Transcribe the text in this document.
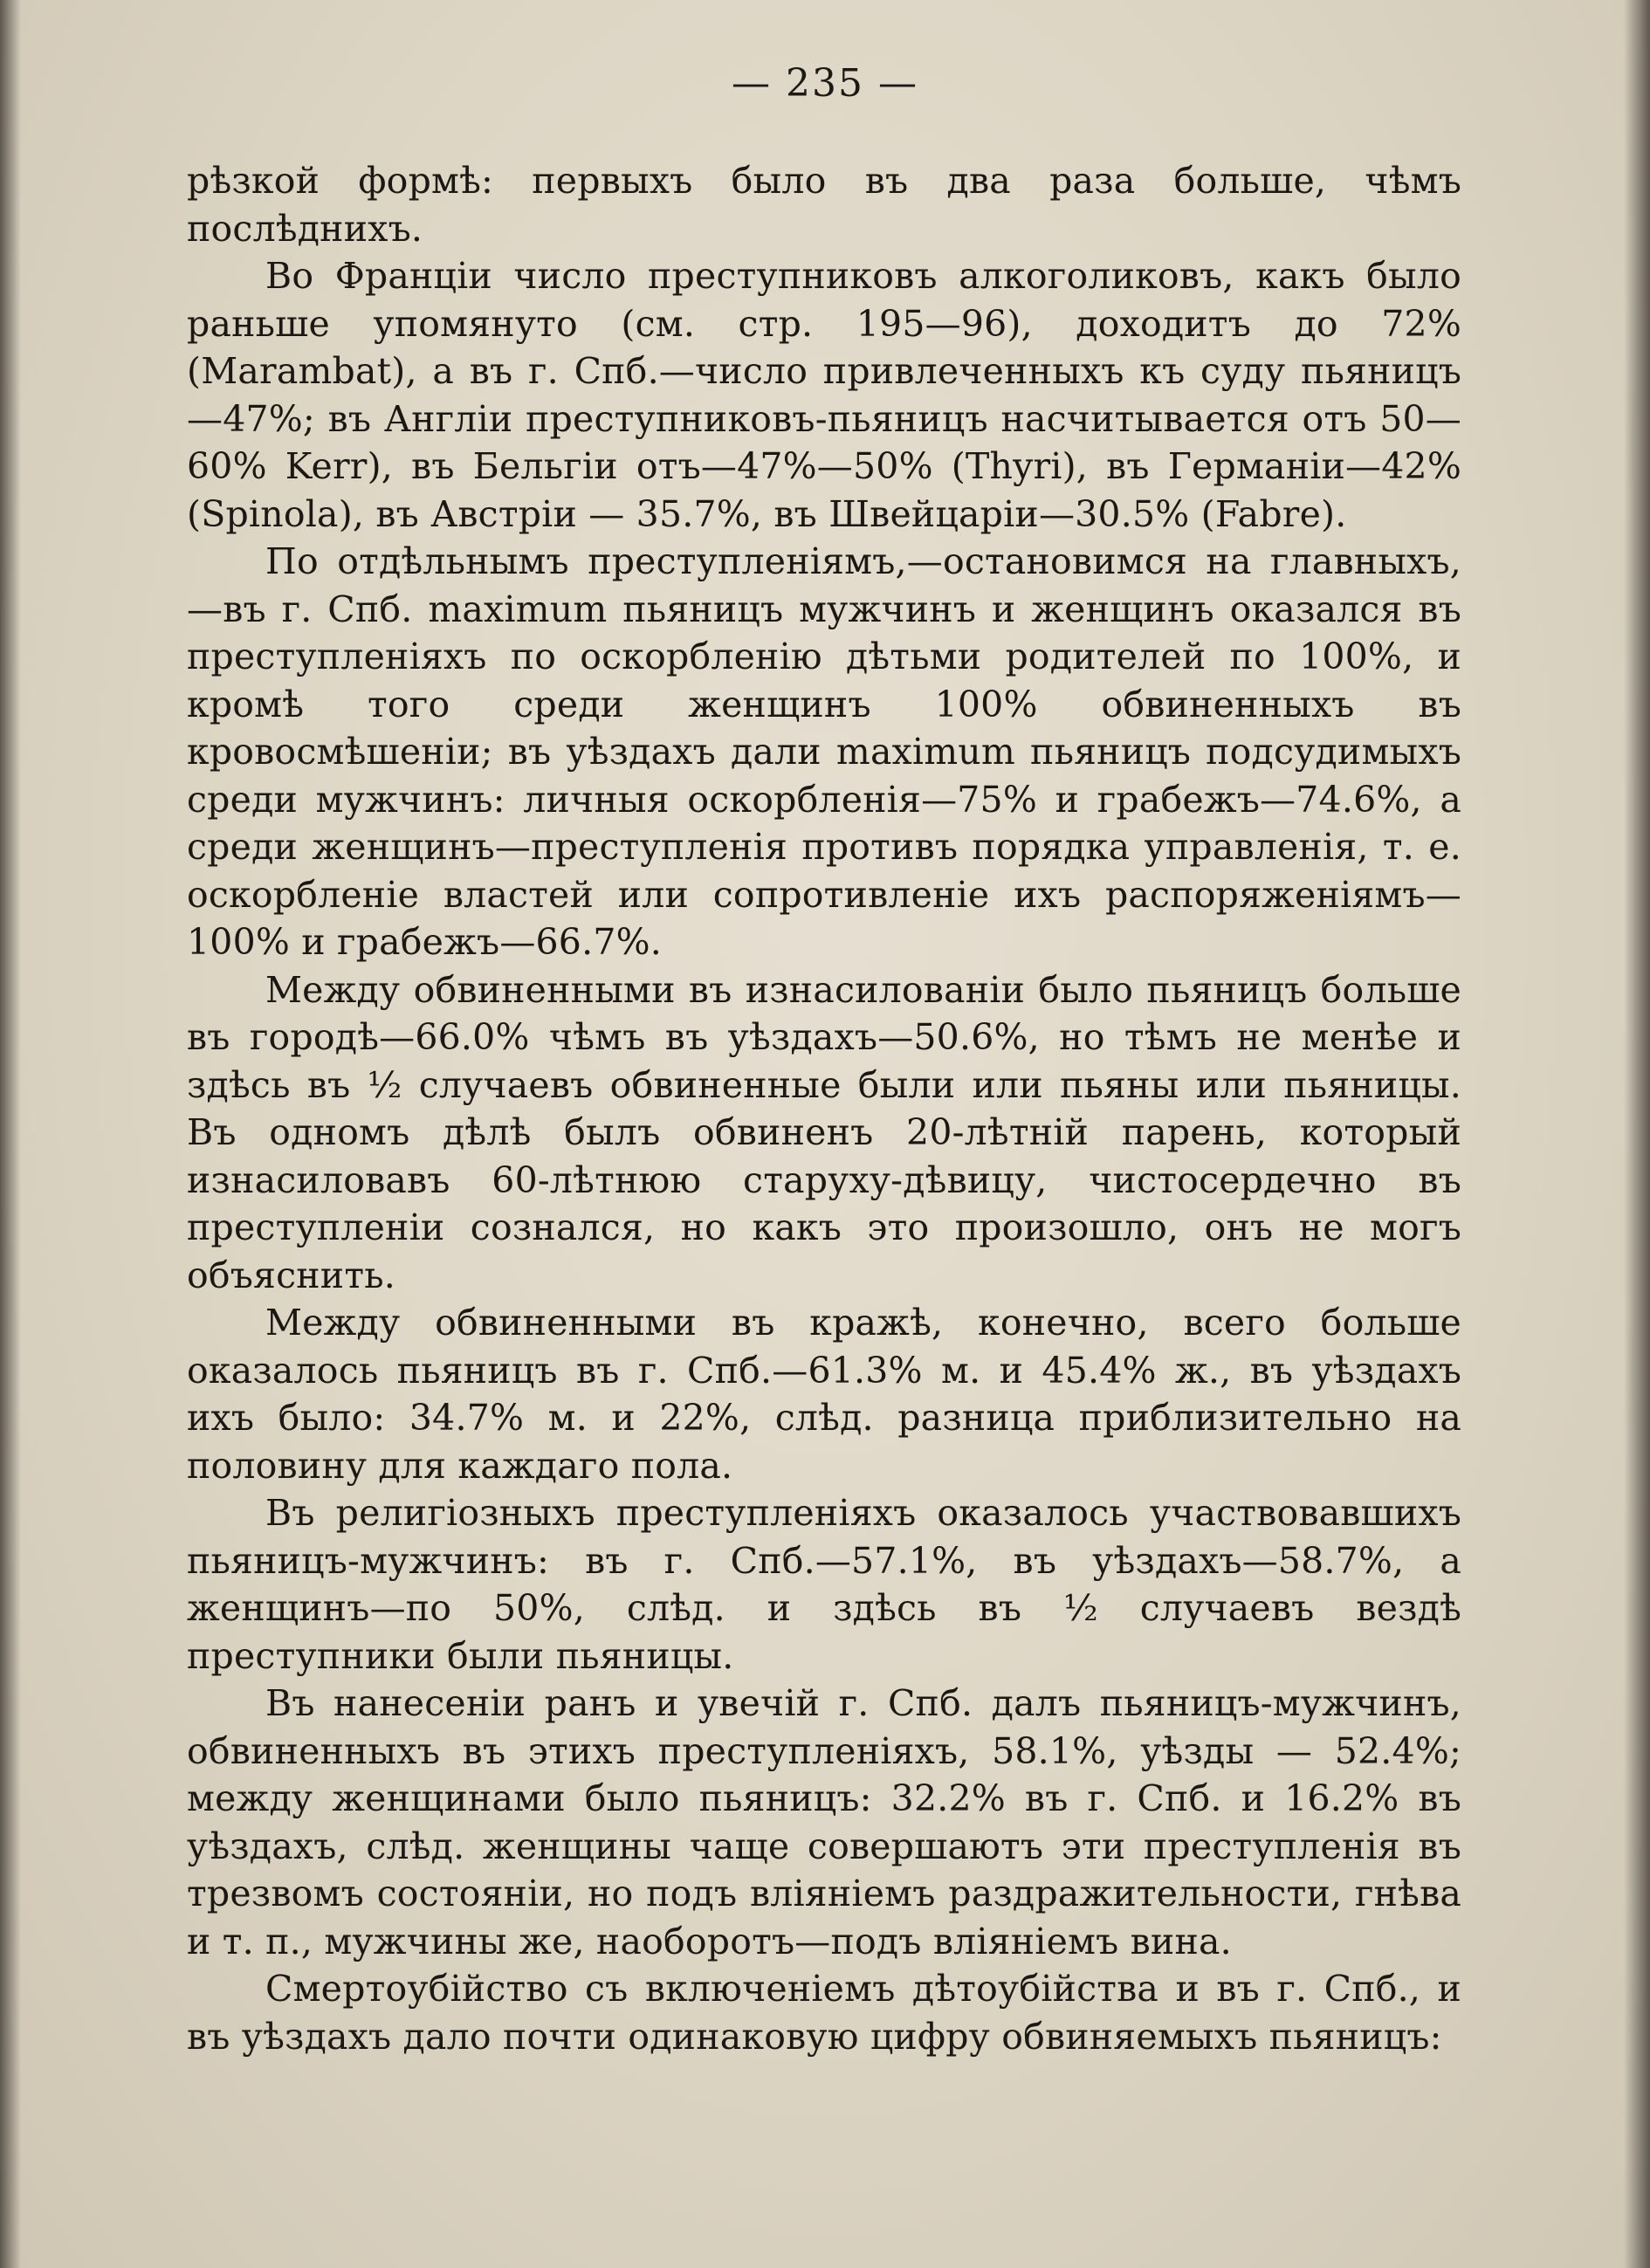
— 235 —

рѣзкой формѣ: первыхъ было въ два раза больше, чѣмъ послѣднихъ.

Во Франціи число преступниковъ алкоголиковъ, какъ было раньше упомянуто (см. стр. 195—96), доходитъ до 72% (Marambat), а въ г. Спб.—число привлеченныхъ къ суду пьяницъ—47%; въ Англіи преступниковъ-пьяницъ насчитывается отъ 50—60% Kerr), въ Бельгіи отъ—47%—50% (Thyri), въ Германіи—42% (Spinola), въ Австріи — 35.7%, въ Швейцаріи—30.5% (Fabre).

По отдѣльнымъ преступленіямъ,—остановимся на главныхъ,—въ г. Спб. maximum пьяницъ мужчинъ и женщинъ оказался въ преступленіяхъ по оскорбленію дѣтьми родителей по 100%, и кромѣ того среди женщинъ 100% обвиненныхъ въ кровосмѣшеніи; въ уѣздахъ дали maximum пьяницъ подсудимыхъ среди мужчинъ: личныя оскорбленія—75% и грабежъ—74.6%, а среди женщинъ—преступленія противъ порядка управленія, т. е. оскорбленіе властей или сопротивленіе ихъ распоряженіямъ—100% и грабежъ—66.7%.

Между обвиненными въ изнасилованіи было пьяницъ больше въ городѣ—66.0% чѣмъ въ уѣздахъ—50.6%, но тѣмъ не менѣе и здѣсь въ ½ случаевъ обвиненные были или пьяны или пьяницы. Въ одномъ дѣлѣ былъ обвиненъ 20-лѣтній парень, который изнасиловавъ 60-лѣтнюю старуху-дѣвицу, чистосердечно въ преступленіи сознался, но какъ это произошло, онъ не могъ объяснить.

Между обвиненными въ кражѣ, конечно, всего больше оказалось пьяницъ въ г. Спб.—61.3% м. и 45.4% ж., въ уѣздахъ ихъ было: 34.7% м. и 22%, слѣд. разница приблизительно на половину для каждаго пола.

Въ религіозныхъ преступленіяхъ оказалось участвовавшихъ пьяницъ-мужчинъ: въ г. Спб.—57.1%, въ уѣздахъ—58.7%, а женщинъ—по 50%, слѣд. и здѣсь въ ½ случаевъ вездѣ преступники были пьяницы.

Въ нанесеніи ранъ и увечій г. Спб. далъ пьяницъ-мужчинъ, обвиненныхъ въ этихъ преступленіяхъ, 58.1%, уѣзды — 52.4%; между женщинами было пьяницъ: 32.2% въ г. Спб. и 16.2% въ уѣздахъ, слѣд. женщины чаще совершаютъ эти преступленія въ трезвомъ состояніи, но подъ вліяніемъ раздражительности, гнѣва и т. п., мужчины же, наоборотъ—подъ вліяніемъ вина.

Смертоубійство съ включеніемъ дѣтоубійства и въ г. Спб., и въ уѣздахъ дало почти одинаковую цифру обвиняемыхъ пьяницъ:
